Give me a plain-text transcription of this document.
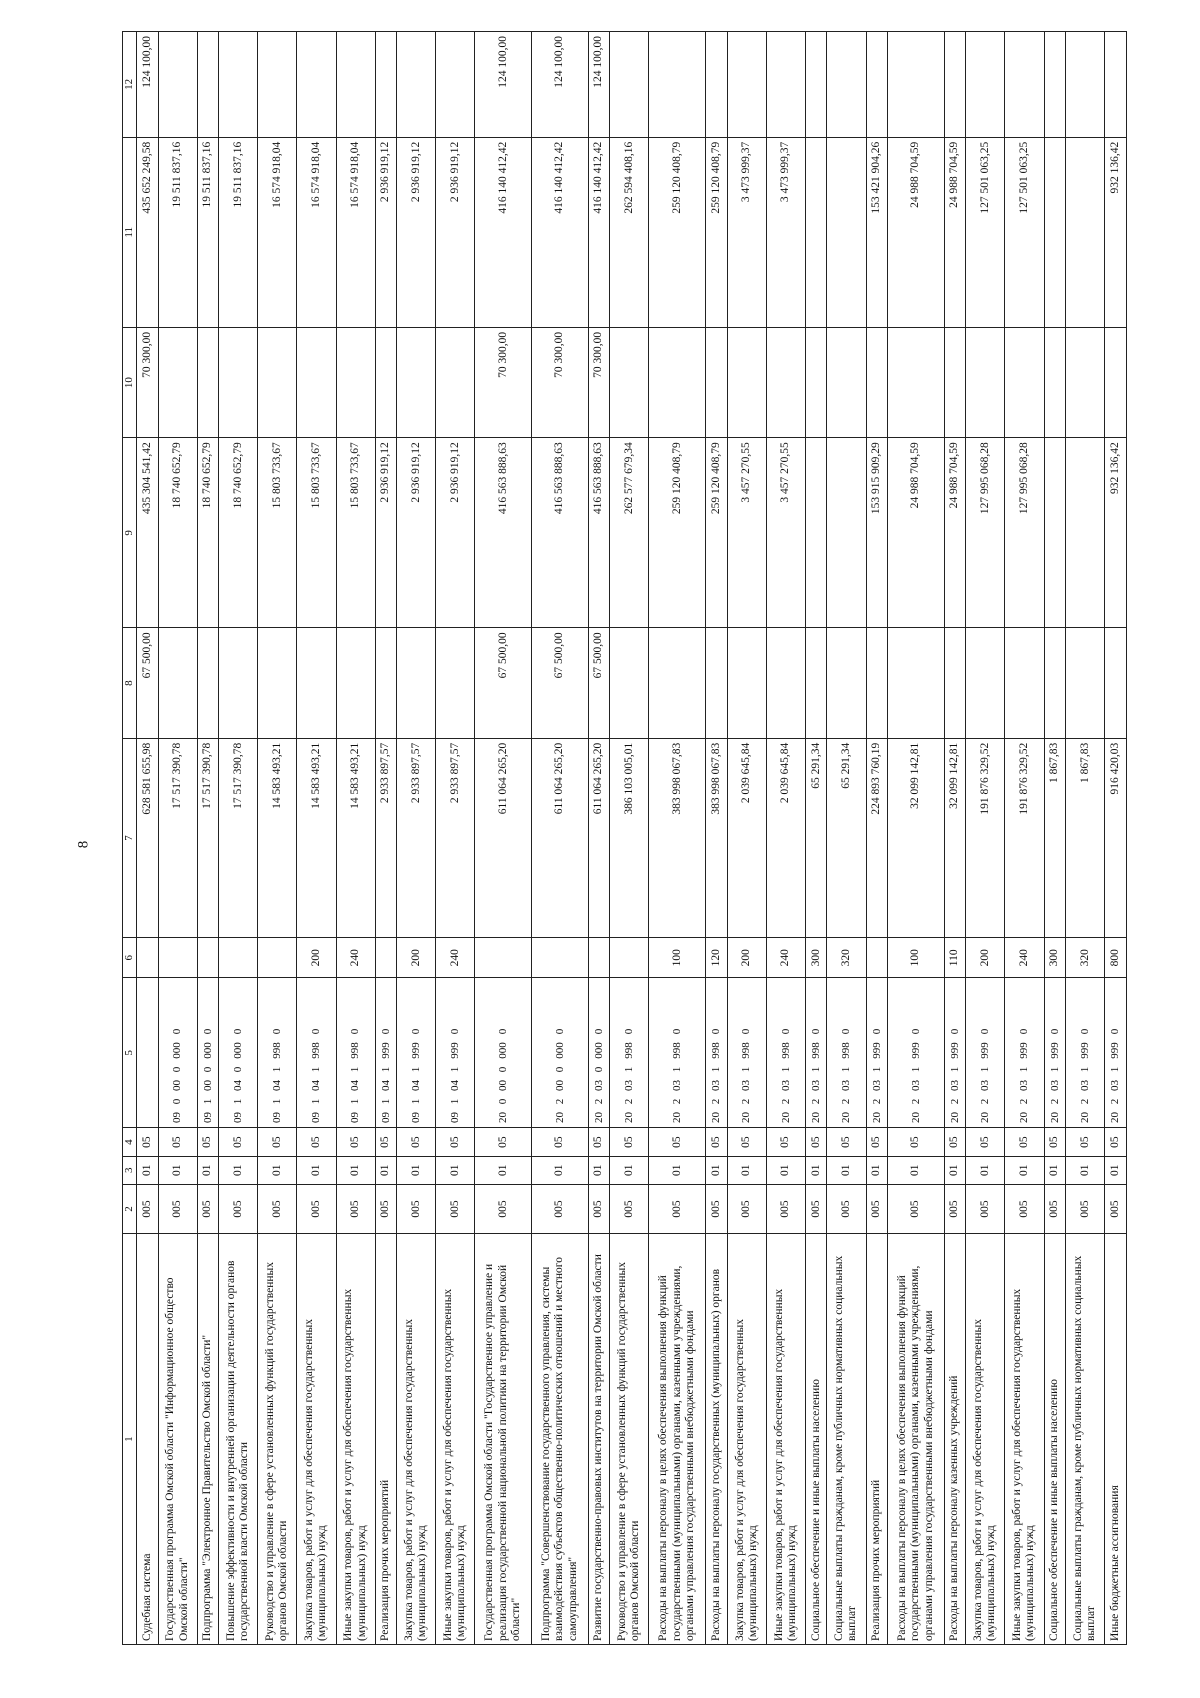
8
1	2	3	4	5	6	7	8	9	10	11	12
Судебная система	005	01	05			628 581 655,98	67 500,00	435 304 541,42	70 300,00	435 652 249,58	124 100,00
Государственная программа Омской области "Информационное общество Омской области"	005	01	05	0900000000		17 517 390,78		18 740 652,79		19 511 837,16	
Подпрограмма "Электронное Правительство Омской области"	005	01	05	0910000000		17 517 390,78		18 740 652,79		19 511 837,16	
Повышение эффективности и внутренней организации деятельности органов государственной власти Омской области	005	01	05	0910400000		17 517 390,78		18 740 652,79		19 511 837,16	
Руководство и управление в сфере установленных функций государственных органов Омской области	005	01	05	0910419980		14 583 493,21		15 803 733,67		16 574 918,04	
Закупка товаров, работ и услуг для обеспечения государственных (муниципальных) нужд	005	01	05	0910419980	200	14 583 493,21		15 803 733,67		16 574 918,04	
Иные закупки товаров, работ и услуг для обеспечения государственных (муниципальных) нужд	005	01	05	0910419980	240	14 583 493,21		15 803 733,67		16 574 918,04	
Реализация прочих мероприятий	005	01	05	0910419990		2 933 897,57		2 936 919,12		2 936 919,12	
Закупка товаров, работ и услуг для обеспечения государственных (муниципальных) нужд	005	01	05	0910419990	200	2 933 897,57		2 936 919,12		2 936 919,12	
Иные закупки товаров, работ и услуг для обеспечения государственных (муниципальных) нужд	005	01	05	0910419990	240	2 933 897,57		2 936 919,12		2 936 919,12	
Государственная программа Омской области "Государственное управление и реализация государственной национальной политики на территории Омской области"	005	01	05	2000000000		611 064 265,20	67 500,00	416 563 888,63	70 300,00	416 140 412,42	124 100,00
Подпрограмма "Совершенствование государственного управления, системы взаимодействия субъектов общественно-политических отношений и местного самоуправления"	005	01	05	2020000000		611 064 265,20	67 500,00	416 563 888,63	70 300,00	416 140 412,42	124 100,00
Развитие государственно-правовых институтов на территории Омской области	005	01	05	2020300000		611 064 265,20	67 500,00	416 563 888,63	70 300,00	416 140 412,42	124 100,00
Руководство и управление в сфере установленных функций государственных органов Омской области	005	01	05	2020319980		386 103 005,01		262 577 679,34		262 594 408,16	
Расходы на выплаты персоналу в целях обеспечения выполнения функций государственными (муниципальными) органами, казенными учреждениями, органами управления государственными внебюджетными фондами	005	01	05	2020319980	100	383 998 067,83		259 120 408,79		259 120 408,79	
Расходы на выплаты персоналу государственных (муниципальных) органов	005	01	05	2020319980	120	383 998 067,83		259 120 408,79		259 120 408,79	
Закупка товаров, работ и услуг для обеспечения государственных (муниципальных) нужд	005	01	05	2020319980	200	2 039 645,84		3 457 270,55		3 473 999,37	
Иные закупки товаров, работ и услуг для обеспечения государственных (муниципальных) нужд	005	01	05	2020319980	240	2 039 645,84		3 457 270,55		3 473 999,37	
Социальное обеспечение и иные выплаты населению	005	01	05	2020319980	300	65 291,34					
Социальные выплаты гражданам, кроме публичных нормативных социальных выплат	005	01	05	2020319980	320	65 291,34					
Реализация прочих мероприятий	005	01	05	2020319990		224 893 760,19		153 915 909,29		153 421 904,26	
Расходы на выплаты персоналу в целях обеспечения выполнения функций государственными (муниципальными) органами, казенными учреждениями, органами управления государственными внебюджетными фондами	005	01	05	2020319990	100	32 099 142,81		24 988 704,59		24 988 704,59	
Расходы на выплаты персоналу казенных учреждений	005	01	05	2020319990	110	32 099 142,81		24 988 704,59		24 988 704,59	
Закупка товаров, работ и услуг для обеспечения государственных (муниципальных) нужд	005	01	05	2020319990	200	191 876 329,52		127 995 068,28		127 501 063,25	
Иные закупки товаров, работ и услуг для обеспечения государственных (муниципальных) нужд	005	01	05	2020319990	240	191 876 329,52		127 995 068,28		127 501 063,25	
Социальное обеспечение и иные выплаты населению	005	01	05	2020319990	300	1 867,83					
Социальные выплаты гражданам, кроме публичных нормативных социальных выплат	005	01	05	2020319990	320	1 867,83					
Иные бюджетные ассигнования	005	01	05	2020319990	800	916 420,03		932 136,42		932 136,42	
